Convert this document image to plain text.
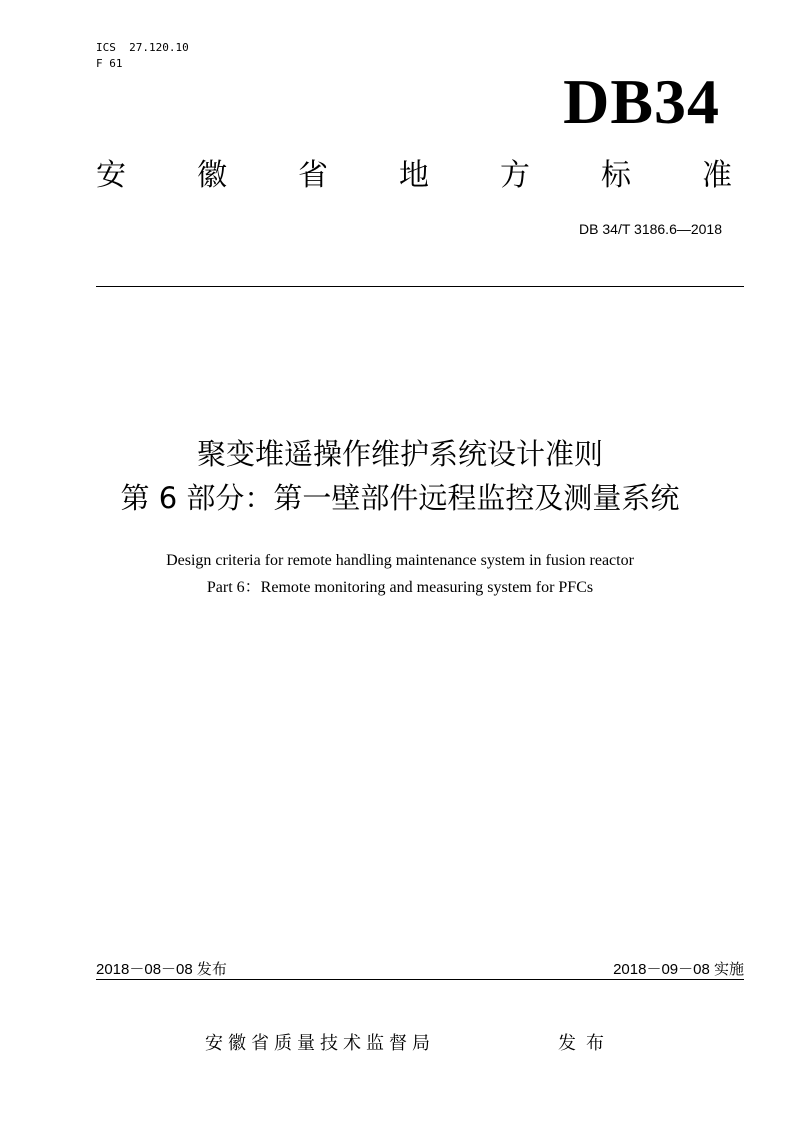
ICS  27.120.10
F 61
DB34
安 徽 省 地 方 标 准
DB 34/T 3186.6—2018
聚变堆遥操作维护系统设计准则
第 6 部分：第一壁部件远程监控及测量系统
Design criteria for remote handling maintenance system in fusion reactor
Part 6：Remote monitoring and measuring system for PFCs
2018－08－08 发布	2018－09－08 实施
安徽省质量技术监督局	发布
